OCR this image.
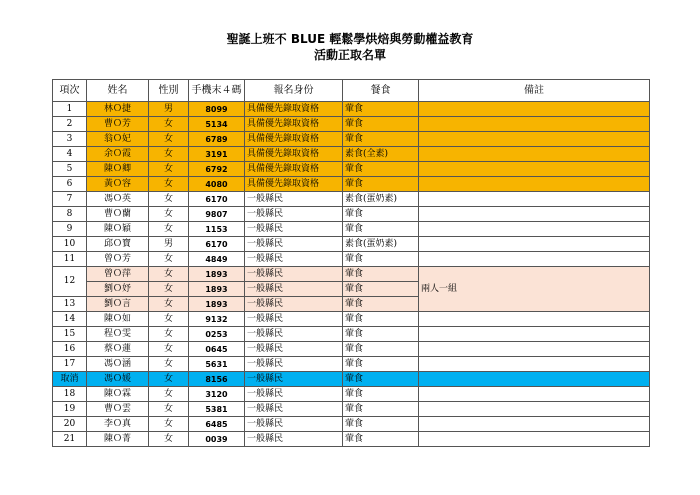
聖誕上班不 BLUE 輕鬆學烘焙與勞動權益教育
活動正取名單
項次	姓名	性別	手機末４碼	報名身份	餐食	備註
1	林Ｏ捷	男	8099	具備優先錄取資格	葷食	
2	曹Ｏ芳	女	5134	具備優先錄取資格	葷食	
3	翁Ｏ妃	女	6789	具備優先錄取資格	葷食	
4	余Ｏ霞	女	3191	具備優先錄取資格	素食(全素)	
5	陳Ｏ卿	女	6792	具備優先錄取資格	葷食	
6	黃Ｏ容	女	4080	具備優先錄取資格	葷食	
7	馮Ｏ英	女	6170	一般縣民	素食(蛋奶素)	
8	曹Ｏ蘭	女	9807	一般縣民	葷食	
9	陳Ｏ穎	女	1153	一般縣民	葷食	
10	邱Ｏ寶	男	6170	一般縣民	素食(蛋奶素)	
11	曾Ｏ芳	女	4849	一般縣民	葷食	
12	曾Ｏ萍	女	1893	一般縣民	葷食	兩人一組
	劉Ｏ妤	女	1893	一般縣民	葷食	
13	劉Ｏ言	女	1893	一般縣民	葷食	
14	陳Ｏ如	女	9132	一般縣民	葷食	
15	程Ｏ雯	女	0253	一般縣民	葷食	
16	蔡Ｏ蓮	女	0645	一般縣民	葷食	
17	馮Ｏ涵	女	5631	一般縣民	葷食	
取消	馮Ｏ媛	女	8156	一般縣民	葷食	
18	陳Ｏ霖	女	3120	一般縣民	葷食	
19	曹Ｏ雲	女	5381	一般縣民	葷食	
20	李Ｏ真	女	6485	一般縣民	葷食	
21	陳Ｏ菁	女	0039	一般縣民	葷食	
